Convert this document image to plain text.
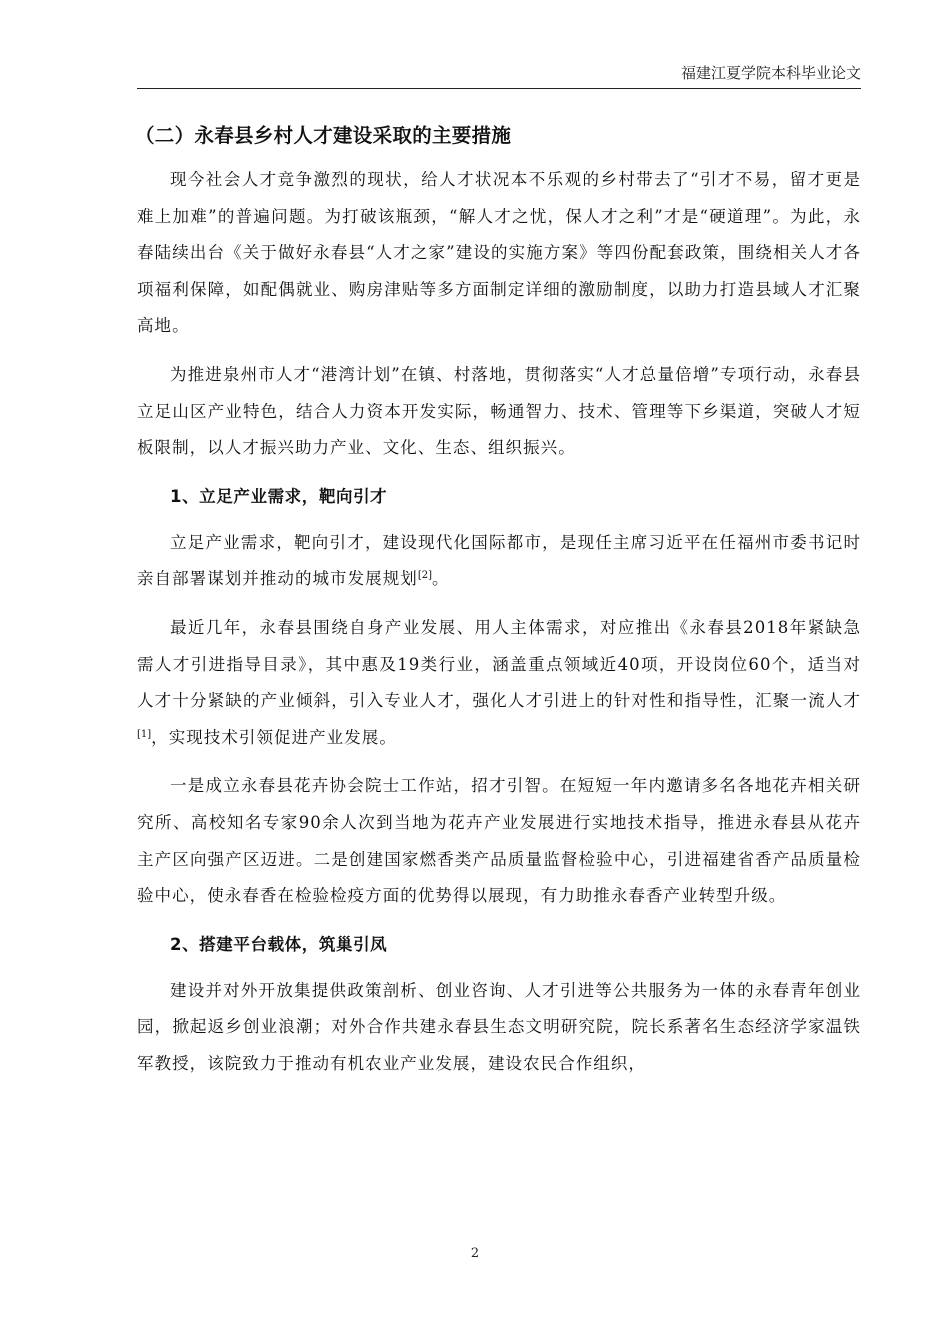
福建江夏学院本科毕业论文
（二）永春县乡村人才建设采取的主要措施

现今社会人才竞争激烈的现状，给人才状况本不乐观的乡村带去了“引才不易，留才更是难上加难”的普遍问题。为打破该瓶颈，“解人才之忧，保人才之利”才是“硬道理”。为此，永春陆续出台《关于做好永春县“人才之家”建设的实施方案》等四份配套政策，围绕相关人才各项福利保障，如配偶就业、购房津贴等多方面制定详细的激励制度，以助力打造县域人才汇聚高地。

为推进泉州市人才“港湾计划”在镇、村落地，贯彻落实“人才总量倍增”专项行动，永春县立足山区产业特色，结合人力资本开发实际，畅通智力、技术、管理等下乡渠道，突破人才短板限制，以人才振兴助力产业、文化、生态、组织振兴。

1、立足产业需求，靶向引才

立足产业需求，靶向引才，建设现代化国际都市，是现任主席习近平在任福州市委书记时亲自部署谋划并推动的城市发展规划[2]。

最近几年，永春县围绕自身产业发展、用人主体需求，对应推出《永春县2018年紧缺急需人才引进指导目录》，其中惠及19类行业，涵盖重点领域近40项，开设岗位60个，适当对人才十分紧缺的产业倾斜，引入专业人才，强化人才引进上的针对性和指导性，汇聚一流人才[1]，实现技术引领促进产业发展。

一是成立永春县花卉协会院士工作站，招才引智。在短短一年内邀请多名各地花卉相关研究所、高校知名专家90余人次到当地为花卉产业发展进行实地技术指导，推进永春县从花卉主产区向强产区迈进。二是创建国家燃香类产品质量监督检验中心，引进福建省香产品质量检验中心，使永春香在检验检疫方面的优势得以展现，有力助推永春香产业转型升级。

2、搭建平台载体，筑巢引凤

建设并对外开放集提供政策剖析、创业咨询、人才引进等公共服务为一体的永春青年创业园，掀起返乡创业浪潮；对外合作共建永春县生态文明研究院，院长系著名生态经济学家温铁军教授，该院致力于推动有机农业产业发展，建设农民合作组织，

2
